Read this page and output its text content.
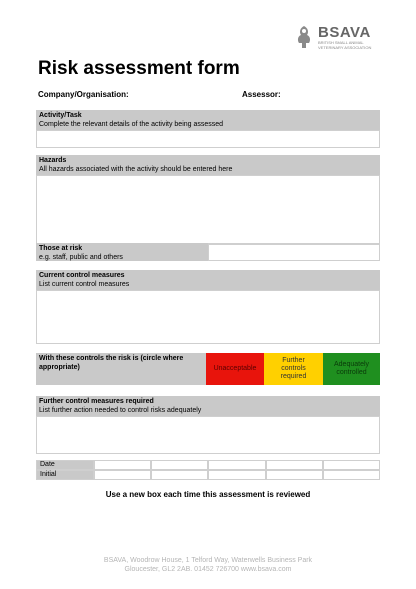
BSAVA
BRITISH SMALL ANIMAL VETERINARY ASSOCIATION
Risk assessment form
Company/Organisation:	Assessor:
Activity/Task
Complete the relevant details of the activity being assessed
Hazards
All hazards associated with the activity should be entered here
Those at risk
e.g. staff, public and others
Current control measures
List current control measures
With these controls the risk is (circle where appropriate)	Unacceptable
Further controls required
Adequately controlled
Further control measures required
List further action needed to control risks adequately
Date
Initial
Use a new box each time this assessment is reviewed
BSAVA, Woodrow House, 1 Telford Way, Waterwells Business Park
Gloucester, GL2 2AB. 01452 726700 www.bsava.com
